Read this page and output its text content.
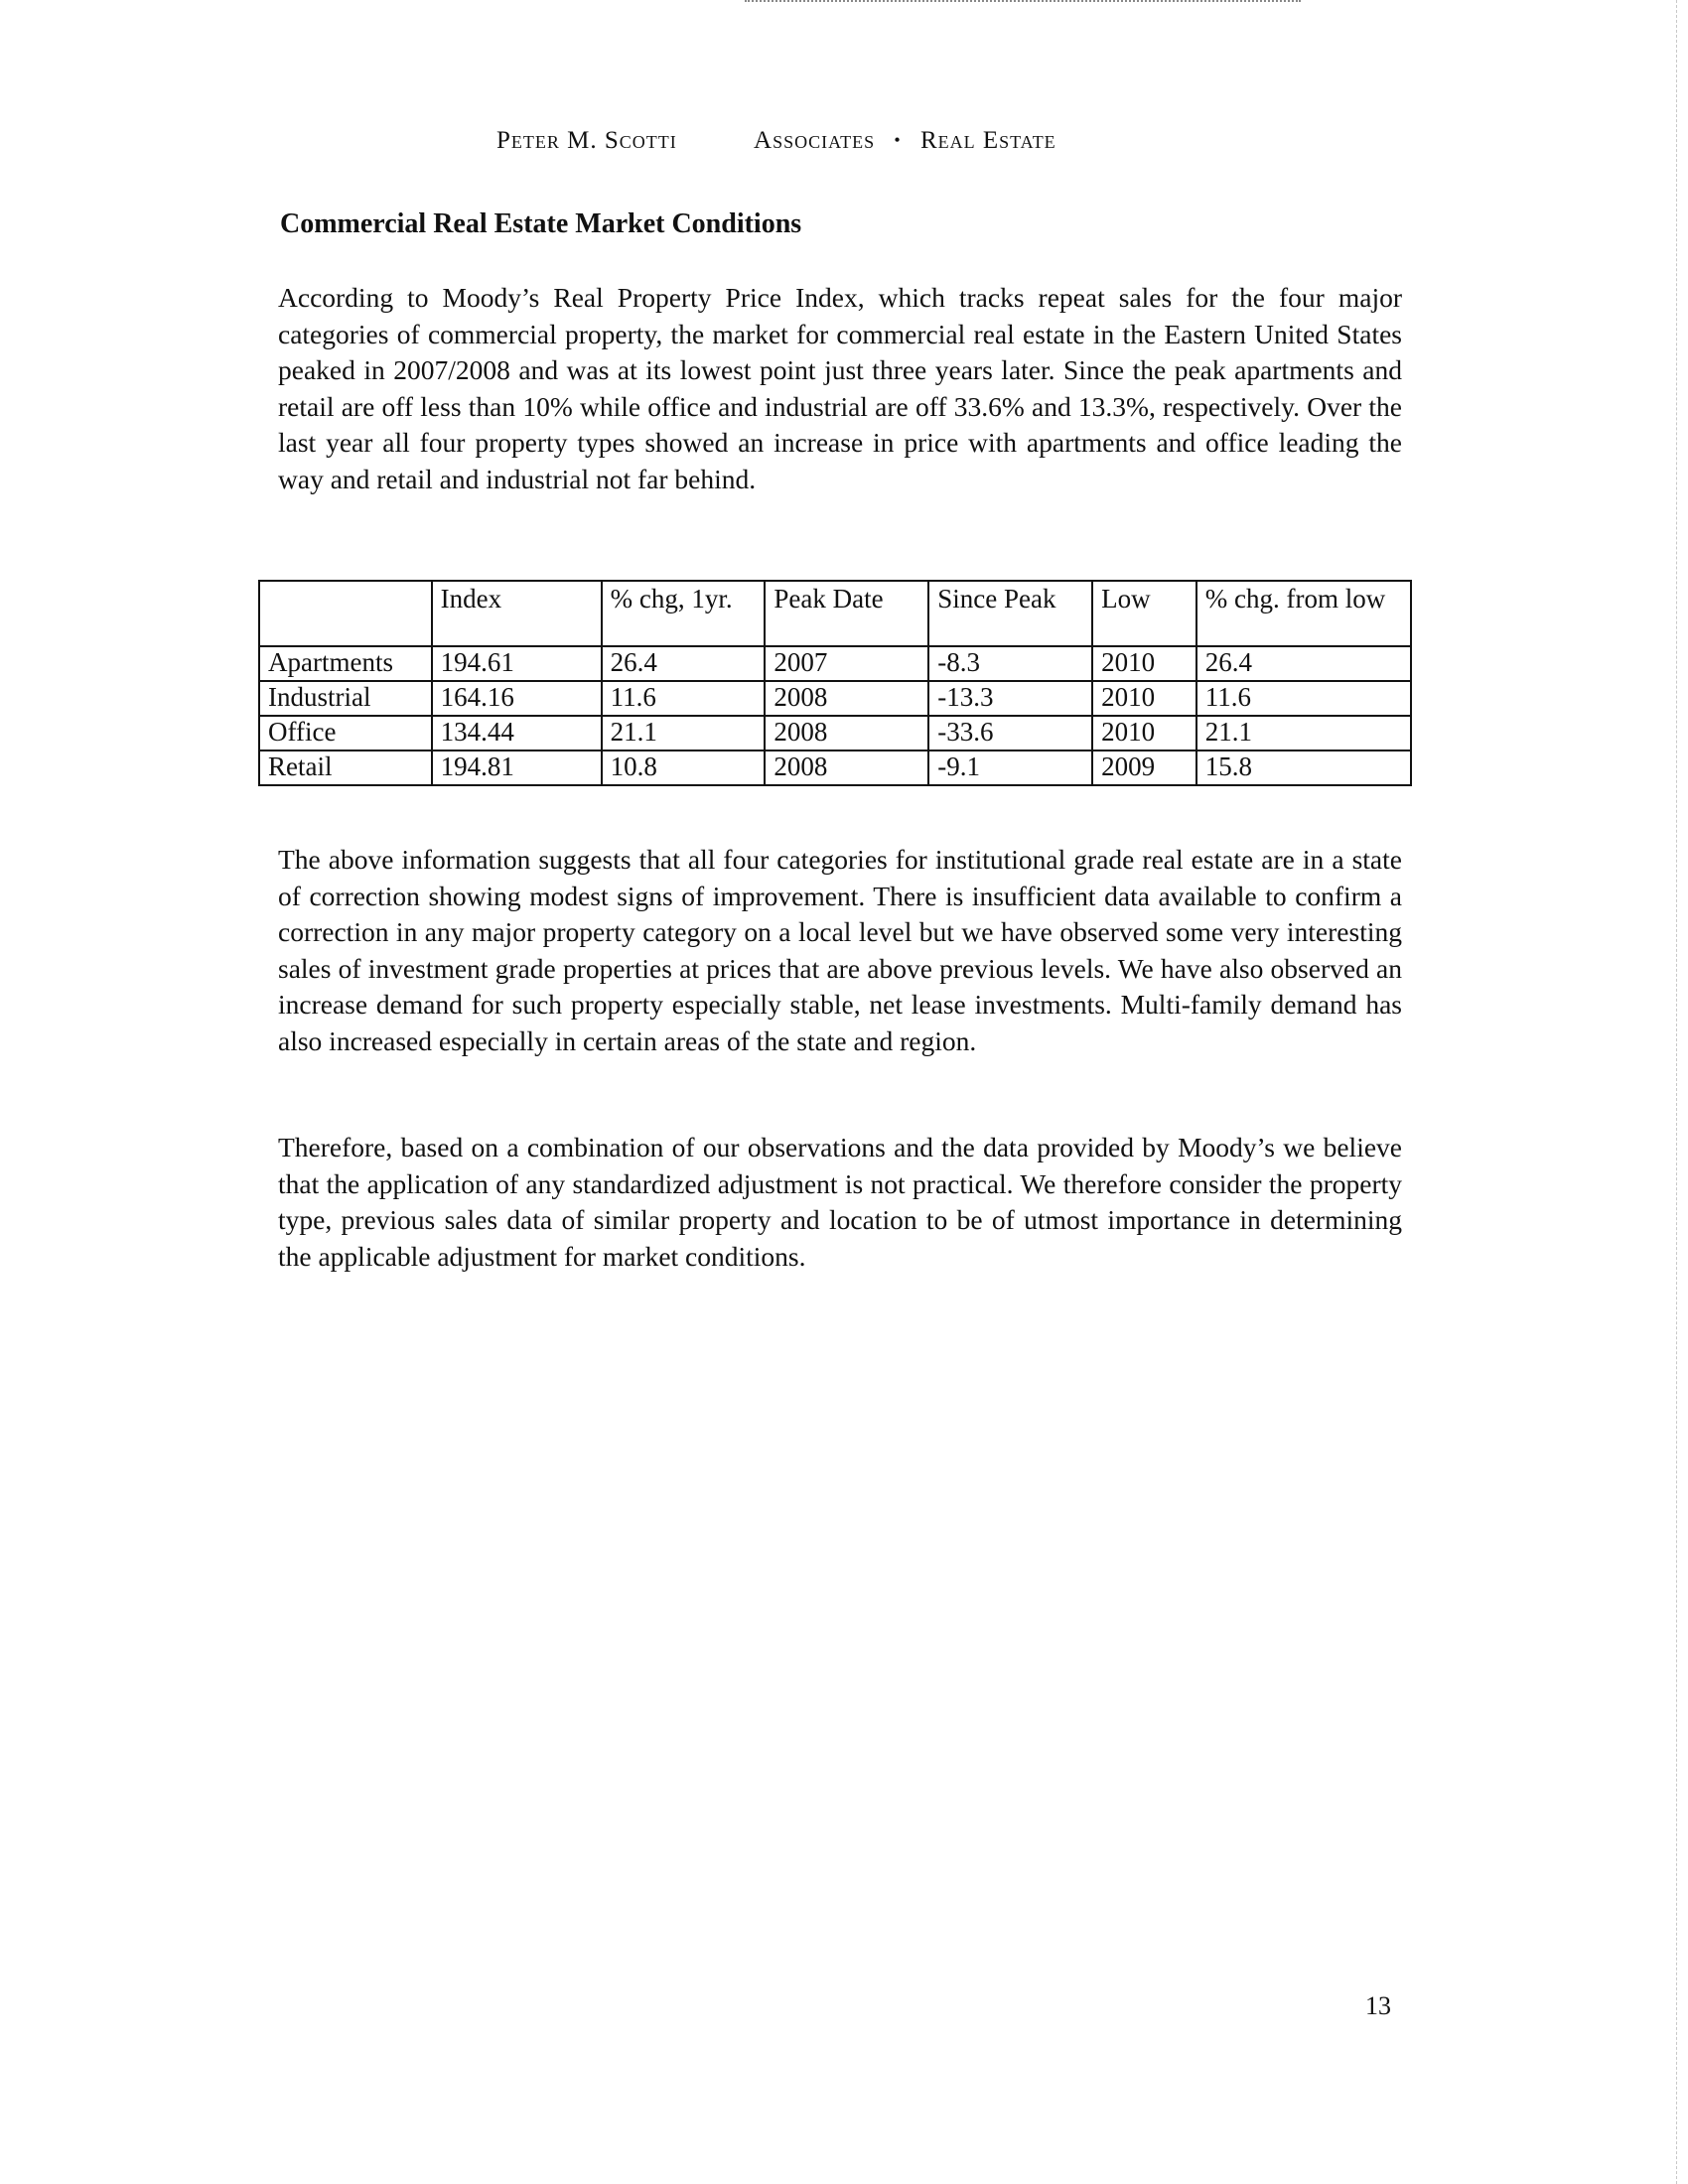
Peter M. Scotti	Associates • Real Estate
Commercial Real Estate Market Conditions

According to Moody’s Real Property Price Index, which tracks repeat sales for the four major categories of commercial property, the market for commercial real estate in the Eastern United States peaked in 2007/2008 and was at its lowest point just three years later. Since the peak apartments and retail are off less than 10% while office and industrial are off 33.6% and 13.3%, respectively. Over the last year all four property types showed an increase in price with apartments and office leading the way and retail and industrial not far behind.

	Index	% chg, 1yr.	Peak Date	Since Peak	Low	% chg. from low
Apartments	194.61	26.4	2007	-8.3	2010	26.4
Industrial	164.16	11.6	2008	-13.3	2010	11.6
Office	134.44	21.1	2008	-33.6	2010	21.1
Retail	194.81	10.8	2008	-9.1	2009	15.8

The above information suggests that all four categories for institutional grade real estate are in a state of correction showing modest signs of improvement. There is insufficient data available to confirm a correction in any major property category on a local level but we have observed some very interesting sales of investment grade properties at prices that are above previous levels. We have also observed an increase demand for such property especially stable, net lease investments. Multi-family demand has also increased especially in certain areas of the state and region.

Therefore, based on a combination of our observations and the data provided by Moody’s we believe that the application of any standardized adjustment is not practical. We therefore consider the property type, previous sales data of similar property and location to be of utmost importance in determining the applicable adjustment for market conditions.

13
